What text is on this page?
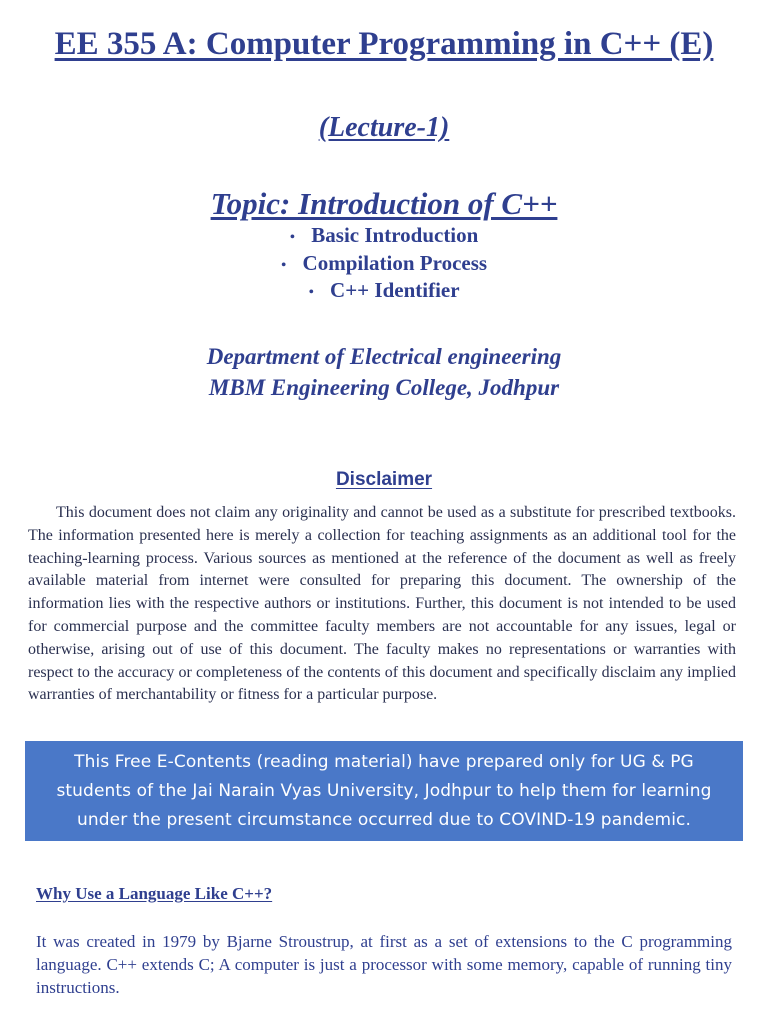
EE 355 A: Computer Programming in C++ (E)
(Lecture-1)
Topic: Introduction of C++
• Basic Introduction
• Compilation Process
• C++ Identifier
Department of Electrical engineering
MBM Engineering College, Jodhpur
Disclaimer
This document does not claim any originality and cannot be used as a substitute for prescribed textbooks. The information presented here is merely a collection for teaching assignments as an additional tool for the teaching-learning process. Various sources as mentioned at the reference of the document as well as freely available material from internet were consulted for preparing this document. The ownership of the information lies with the respective authors or institutions. Further, this document is not intended to be used for commercial purpose and the committee faculty members are not accountable for any issues, legal or otherwise, arising out of use of this document. The faculty makes no representations or warranties with respect to the accuracy or completeness of the contents of this document and specifically disclaim any implied warranties of merchantability or fitness for a particular purpose.
This Free E-Contents (reading material) have prepared only for UG & PG
students of the Jai Narain Vyas University, Jodhpur to help them for learning
under the present circumstance occurred due to COVIND-19 pandemic.
Why Use a Language Like C++?
It was created in 1979 by Bjarne Stroustrup, at first as a set of extensions to the C programming language. C++ extends C; A computer is just a processor with some memory, capable of running tiny instructions.
